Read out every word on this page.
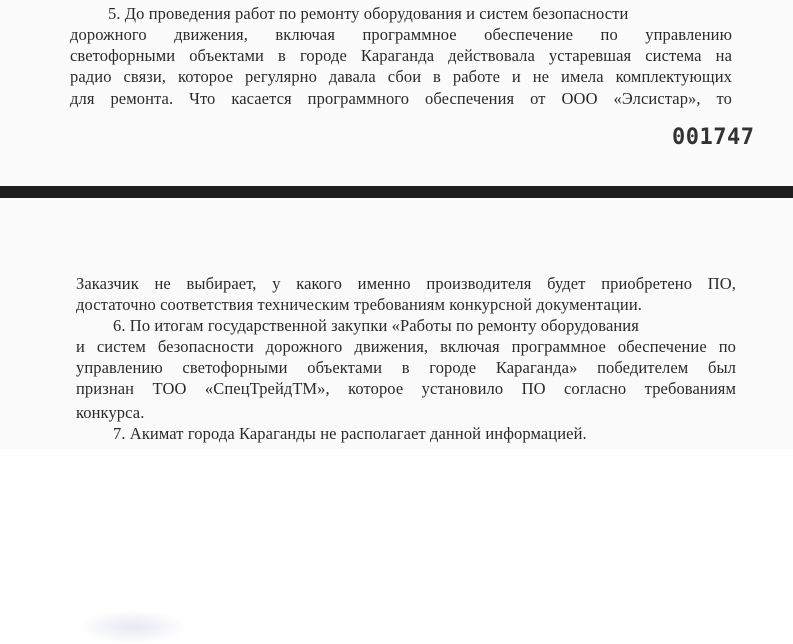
5. До проведения работ по ремонту оборудования и систем безопасности
дорожного движения, включая программное обеспечение по управлению
светофорными объектами в городе Караганда действовала устаревшая система на
радио связи, которое регулярно давала сбои в работе и не имела комплектующих
для ремонта. Что касается программного обеспечения от ООО «Элсистар», то
001747
Заказчик не выбирает, у какого именно производителя будет приобретено ПО,
достаточно соответствия техническим требованиям конкурсной документации.
6. По итогам государственной закупки «Работы по ремонту оборудования
и систем безопасности дорожного движения, включая программное обеспечение по
управлению светофорными объектами в городе Караганда» победителем был
признан ТОО «СпецТрейдТМ», которое установило ПО согласно требованиям
конкурса.
7. Акимат города Караганды не располагает данной информацией.
